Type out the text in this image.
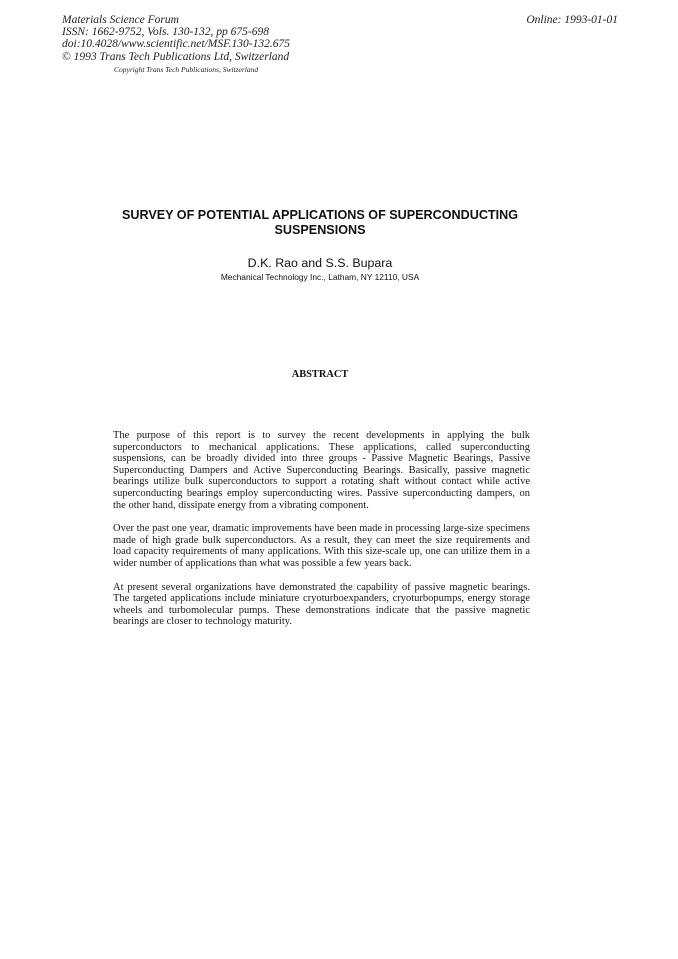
Materials Science Forum
ISSN: 1662-9752, Vols. 130-132, pp 675-698
doi:10.4028/www.scientific.net/MSF.130-132.675
© 1993 Trans Tech Publications Ltd, Switzerland
Copyright Trans Tech Publications, Switzerland
Online: 1993-01-01
SURVEY OF POTENTIAL APPLICATIONS OF SUPERCONDUCTING
SUSPENSIONS
D.K. Rao and S.S. Bupara
Mechanical Technology Inc., Latham, NY 12110, USA
ABSTRACT

The purpose of this report is to survey the recent developments in applying the bulk superconductors to mechanical applications. These applications, called superconducting suspensions, can be broadly divided into three groups - Passive Magnetic Bearings, Passive Superconducting Dampers and Active Superconducting Bearings. Basically, passive magnetic bearings utilize bulk superconductors to support a rotating shaft without contact while active superconducting bearings employ superconducting wires. Passive superconducting dampers, on the other hand, dissipate energy from a vibrating component.

Over the past one year, dramatic improvements have been made in processing large-size specimens made of high grade bulk superconductors. As a result, they can meet the size requirements and load capacity requirements of many applications. With this size-scale up, one can utilize them in a wider number of applications than what was possible a few years back.

At present several organizations have demonstrated the capability of passive magnetic bearings. The targeted applications include miniature cryoturboexpanders, cryoturbopumps, energy storage wheels and turbomolecular pumps. These demonstrations indicate that the passive magnetic bearings are closer to technology maturity.
